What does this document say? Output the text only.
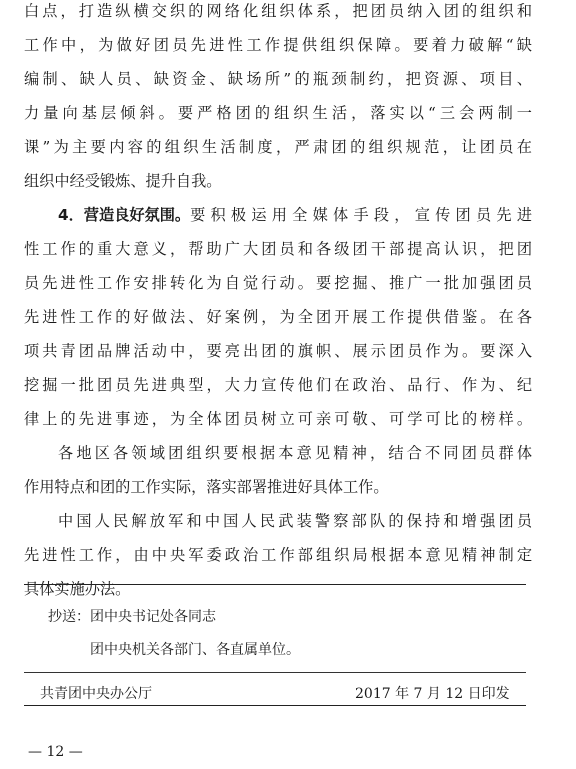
白点，打造纵横交织的网络化组织体系，把团员纳入团的组织和
工作中，为做好团员先进性工作提供组织保障。要着力破解“缺
编制、缺人员、缺资金、缺场所”的瓶颈制约，把资源、项目、
力量向基层倾斜。要严格团的组织生活，落实以“三会两制一
课”为主要内容的组织生活制度，严肃团的组织规范，让团员在
组织中经受锻炼、提升自我。
4．营造良好氛围。 要积极运用全媒体手段，宣传团员先进
性工作的重大意义，帮助广大团员和各级团干部提高认识，把团
员先进性工作安排转化为自觉行动。要挖掘、推广一批加强团员
先进性工作的好做法、好案例，为全团开展工作提供借鉴。在各
项共青团品牌活动中，要亮出团的旗帜、展示团员作为。要深入
挖掘一批团员先进典型，大力宣传他们在政治、品行、作为、纪
律上的先进事迹，为全体团员树立可亲可敬、可学可比的榜样。
各地区各领域团组织要根据本意见精神，结合不同团员群体
作用特点和团的工作实际，落实部署推进好具体工作。
中国人民解放军和中国人民武装警察部队的保持和增强团员
先进性工作，由中央军委政治工作部组织局根据本意见精神制定
具体实施办法。
抄送：团中央书记处各同志
团中央机关各部门、各直属单位。
共青团中央办公厅	2017 年 7 月 12 日印发
— 12 —
